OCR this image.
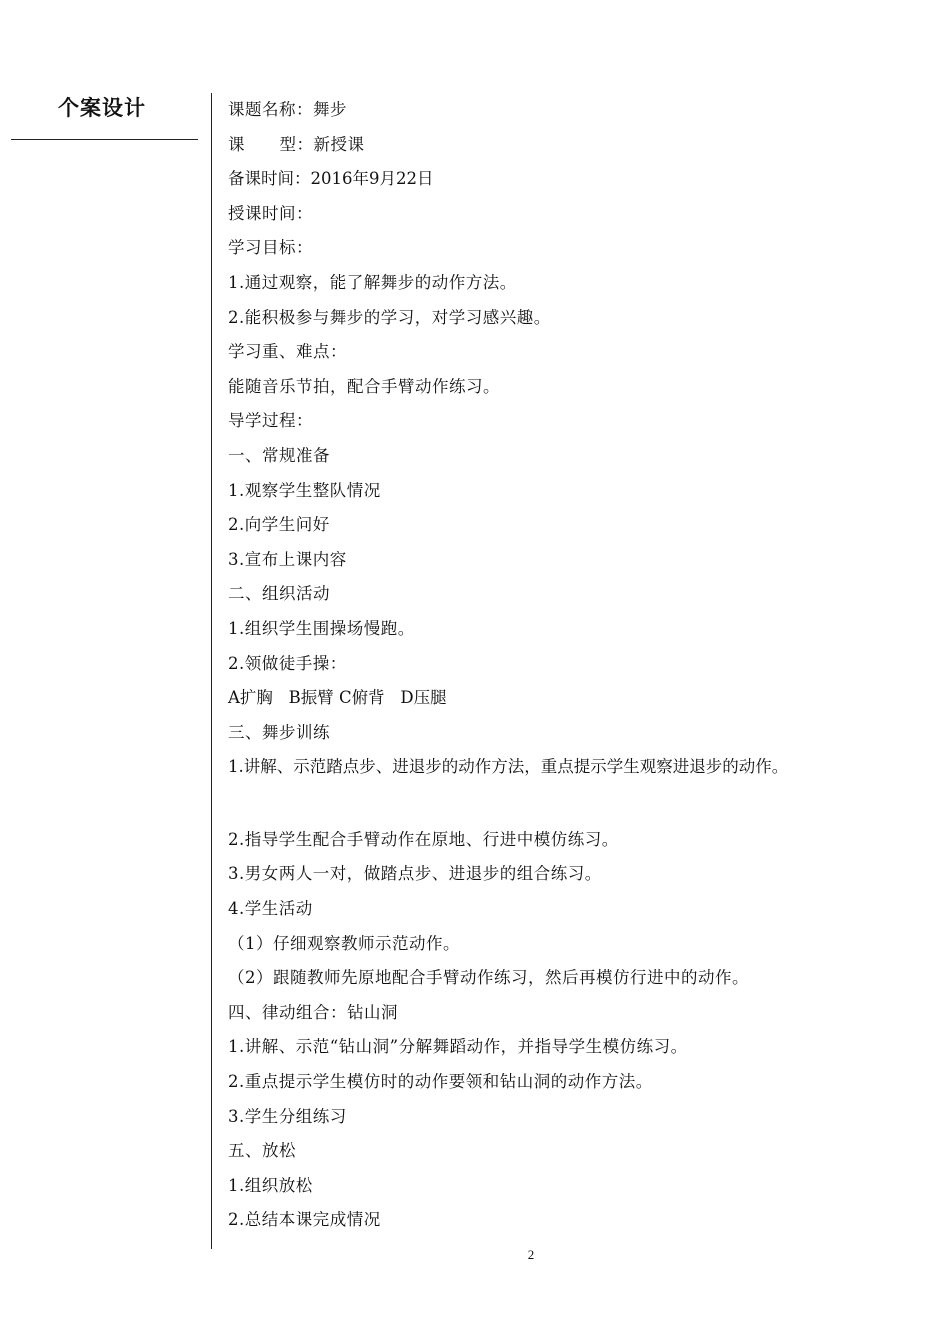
个案设计	课题名称：舞步
课      型：新授课
备课时间：2016年9月22日
授课时间：
学习目标：
1.通过观察，能了解舞步的动作方法。
2.能积极参与舞步的学习，对学习感兴趣。
学习重、难点：
能随音乐节拍，配合手臂动作练习。
导学过程：
一、常规准备
1.观察学生整队情况
2.向学生问好
3.宣布上课内容
二、组织活动
1.组织学生围操场慢跑。
2.领做徒手操：
A扩胸   B振臂 C俯背   D压腿
三、舞步训练
1.讲解、示范踏点步、进退步的动作方法，重点提示学生观察进退步的动作。
2.指导学生配合手臂动作在原地、行进中模仿练习。
3.男女两人一对，做踏点步、进退步的组合练习。
4.学生活动
（1）仔细观察教师示范动作。
（2）跟随教师先原地配合手臂动作练习，然后再模仿行进中的动作。
四、律动组合：钻山洞
1.讲解、示范“钻山洞”分解舞蹈动作，并指导学生模仿练习。
2.重点提示学生模仿时的动作要领和钻山洞的动作方法。
3.学生分组练习
五、放松
1.组织放松
2.总结本课完成情况
2
